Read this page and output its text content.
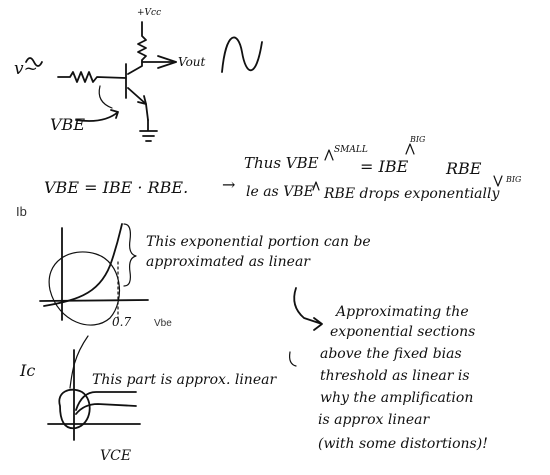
+Vcc
v~	Vout
VBE
VBE = IBE · RBE. →
Thus VBE
SMALL
= IBE
BIG
RBE
BIG
le as VBE RBE drops exponentially
Ib
Vbe
0.7
This exponential portion can be
approximated as linear
Ic
VCE
This part is approx. linear
Approximating the
exponential sections
above the fixed bias
threshold as linear is
why the amplification
is approx linear
(with some distortions)!
